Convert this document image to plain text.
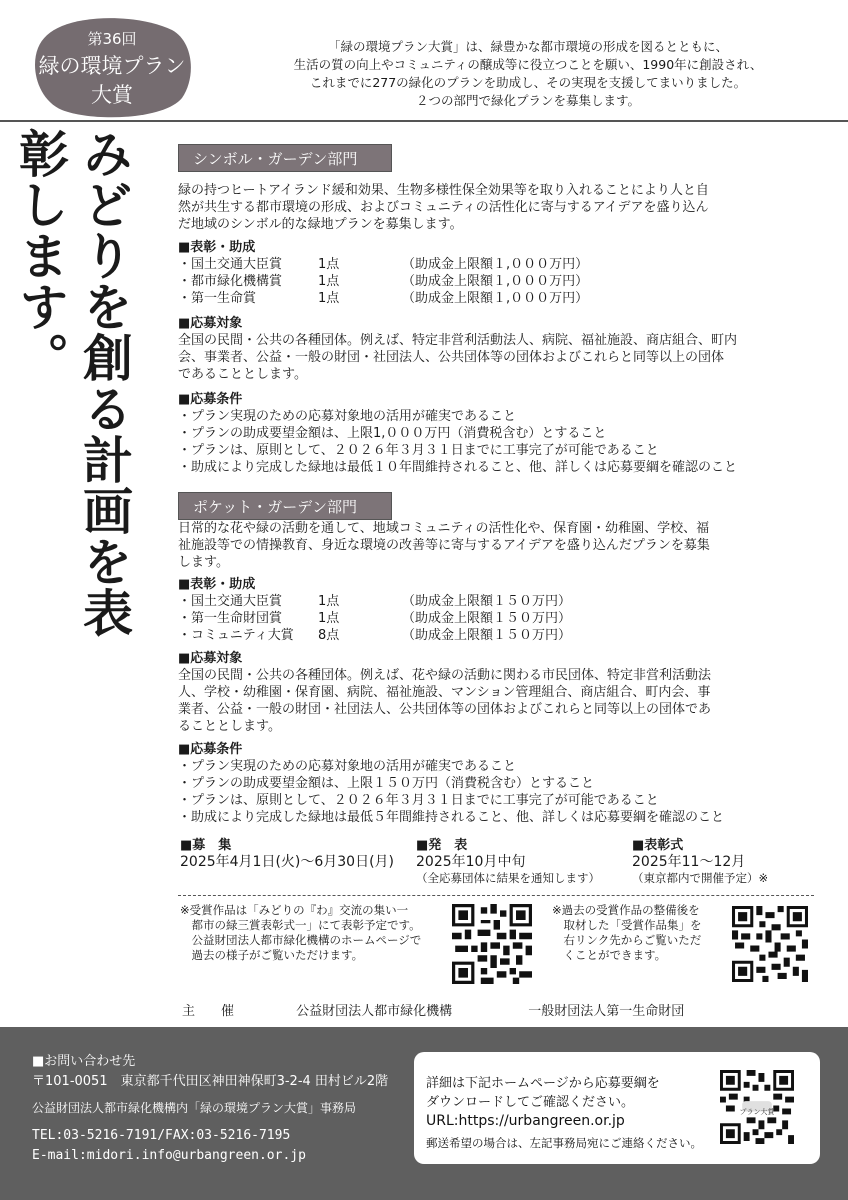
第36回
緑の環境プラン
大賞
「緑の環境プラン大賞」は、緑豊かな都市環境の形成を図るとともに、
生活の質の向上やコミュニティの醸成等に役立つことを願い、1990年に創設され、
これまでに277の緑化のプランを助成し、その実現を支援してまいりました。
２つの部門で緑化プランを募集します。
みどりを創る計画を表彰します。	シンボル・ガーデン部門
緑の持つヒートアイランド緩和効果、生物多様性保全効果等を取り入れることにより人と自
然が共生する都市環境の形成、およびコミュニティの活性化に寄与するアイデアを盛り込ん
だ地域のシンボル的な緑地プランを募集します。
■表彰・助成
・国土交通大臣賞	1点	（助成金上限額１,０００万円）
・都市緑化機構賞	1点	（助成金上限額１,０００万円）
・第一生命賞	1点	（助成金上限額１,０００万円）
■応募対象
全国の民間・公共の各種団体。例えば、特定非営利活動法人、病院、福祉施設、商店組合、町内
会、事業者、公益・一般の財団・社団法人、公共団体等の団体およびこれらと同等以上の団体
であることとします。
■応募条件
・プラン実現のための応募対象地の活用が確実であること
・プランの助成要望金額は、上限1,０００万円（消費税含む）とすること
・プランは、原則として、２０２６年３月３１日までに工事完了が可能であること
・助成により完成した緑地は最低１０年間維持されること、他、詳しくは応募要綱を確認のこと
ポケット・ガーデン部門
日常的な花や緑の活動を通して、地域コミュニティの活性化や、保育園・幼稚園、学校、福
祉施設等での情操教育、身近な環境の改善等に寄与するアイデアを盛り込んだプランを募集
します。
■表彰・助成
・国土交通大臣賞	1点	（助成金上限額１５０万円）
・第一生命財団賞	1点	（助成金上限額１５０万円）
・コミュニティ大賞	8点	（助成金上限額１５０万円）
■応募対象
全国の民間・公共の各種団体。例えば、花や緑の活動に関わる市民団体、特定非営利活動法
人、学校・幼稚園・保育園、病院、福祉施設、マンション管理組合、商店組合、町内会、事
業者、公益・一般の財団・社団法人、公共団体等の団体およびこれらと同等以上の団体であ
ることとします。
■応募条件
・プラン実現のための応募対象地の活用が確実であること
・プランの助成要望金額は、上限１５０万円（消費税含む）とすること
・プランは、原則として、２０２６年３月３１日までに工事完了が可能であること
・助成により完成した緑地は最低５年間維持されること、他、詳しくは応募要綱を確認のこと
■募　集
2025年4月1日(火)〜6月30日(月)
■発　表
2025年10月中旬
（全応募団体に結果を通知します）
■表彰式
2025年11〜12月
（東京都内で開催予定）※
※受賞作品は「みどりの『わ』交流の集い一
　都市の緑三賞表彰式一」にて表彰予定です。
　公益財団法人都市緑化機構のホームページで
　過去の様子がご覧いただけます。
※過去の受賞作品の整備後を
　取材した「受賞作品集」を
　右リンク先からご覧いただ
　くことができます。
主　　催	公益財団法人都市緑化機構	一般財団法人第一生命財団
■お問い合わせ先
〒101-0051　東京都千代田区神田神保町3-2-4 田村ビル2階
公益財団法人都市緑化機構内「緑の環境プラン大賞」事務局
TEL:03-5216-7191/FAX:03-5216-7195
E-mail:midori.info@urbangreen.or.jp
詳細は下記ホームページから応募要綱を
ダウンロードしてご確認ください。
URL:https://urbangreen.or.jp
郵送希望の場合は、左記事務局宛にご連絡ください。
プラン大賞
